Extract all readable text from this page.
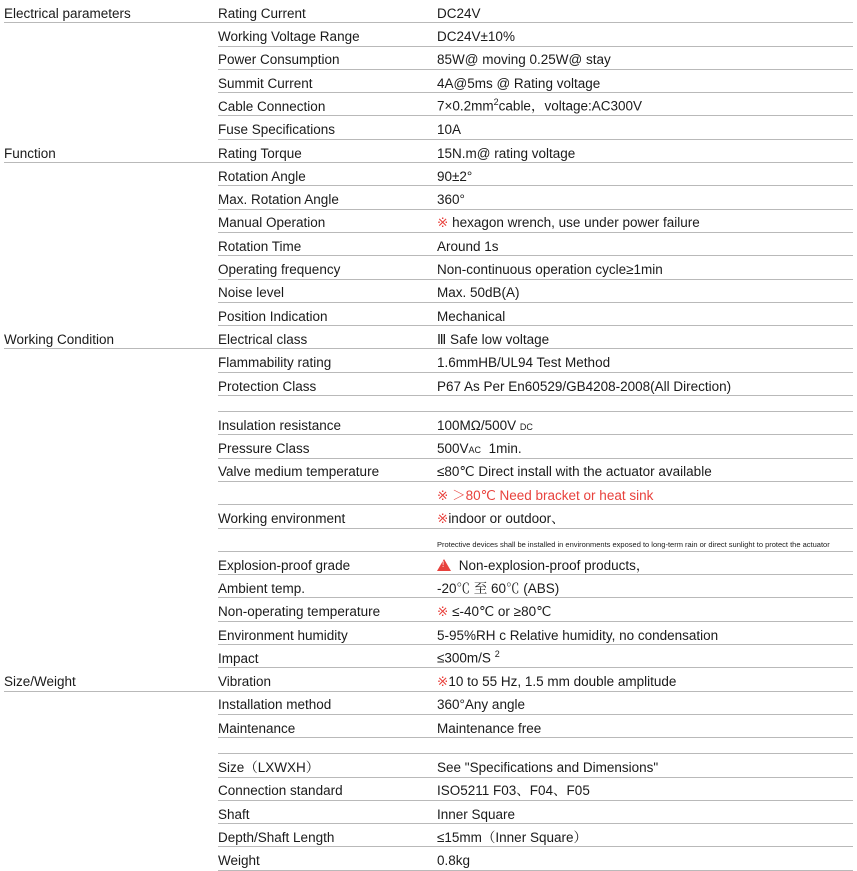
Electrical parameters	Rating Current	DC24V
	Working Voltage Range	DC24V±10%
	Power Consumption	85W@ moving 0.25W@ stay
	Summit Current	4A@5ms @ Rating voltage
	Cable Connection	$7\times 0.2mm^2cable$，voltage:AC300V
	Fuse Specifications	10A
Function	Rating Torque	15N.m@ rating voltage
	Rotation Angle	90±2°
	Max. Rotation Angle	360°
	Manual Operation	※ hexagon wrench, use under power failure
	Rotation Time	Around 1s
	Operating frequency	Non-continuous operation cycle≥1min
	Noise level	Max. 50dB(A)
	Position Indication	Mechanical
Working Condition	Electrical class	Ⅲ Safe low voltage
	Flammability rating	1.6mmHB/UL94 Test Method
	Protection Class	P67 As Per En60529/GB4208-2008(All Direction)

	Insulation resistance	100MΩ/500V DC
	Pressure Class	500VAC 1min.
	Valve medium temperature	≤80℃ Direct install with the actuator available
		※ ＞80℃ Need bracket or heat sink
	Working environment	※indoor or outdoor、

		Protective devices shall be installed in environments exposed to long-term rain or direct sunlight to protect the actuator

	Explosion-proof grade	!Non-explosion-proof products，
	Ambient temp.	-20℃ 至 60℃ (ABS)
	Non-operating temperature	※ ≤-40℃ or ≥80℃
	Environment humidity	5-95%RH c Relative humidity, no condensation
	Impact	≤300m/S $^2$
Size/Weight	Vibration	※10 to 55 Hz, 1.5 mm double amplitude
	Installation method	360°Any angle
	Maintenance	Maintenance free

	Size（LXWXH）	See "Specifications and Dimensions"
	Connection standard	ISO5211 F03、F04、F05
	Shaft	Inner Square
	Depth/Shaft Length	≤15mm（Inner Square）
	Weight	0.8kg
